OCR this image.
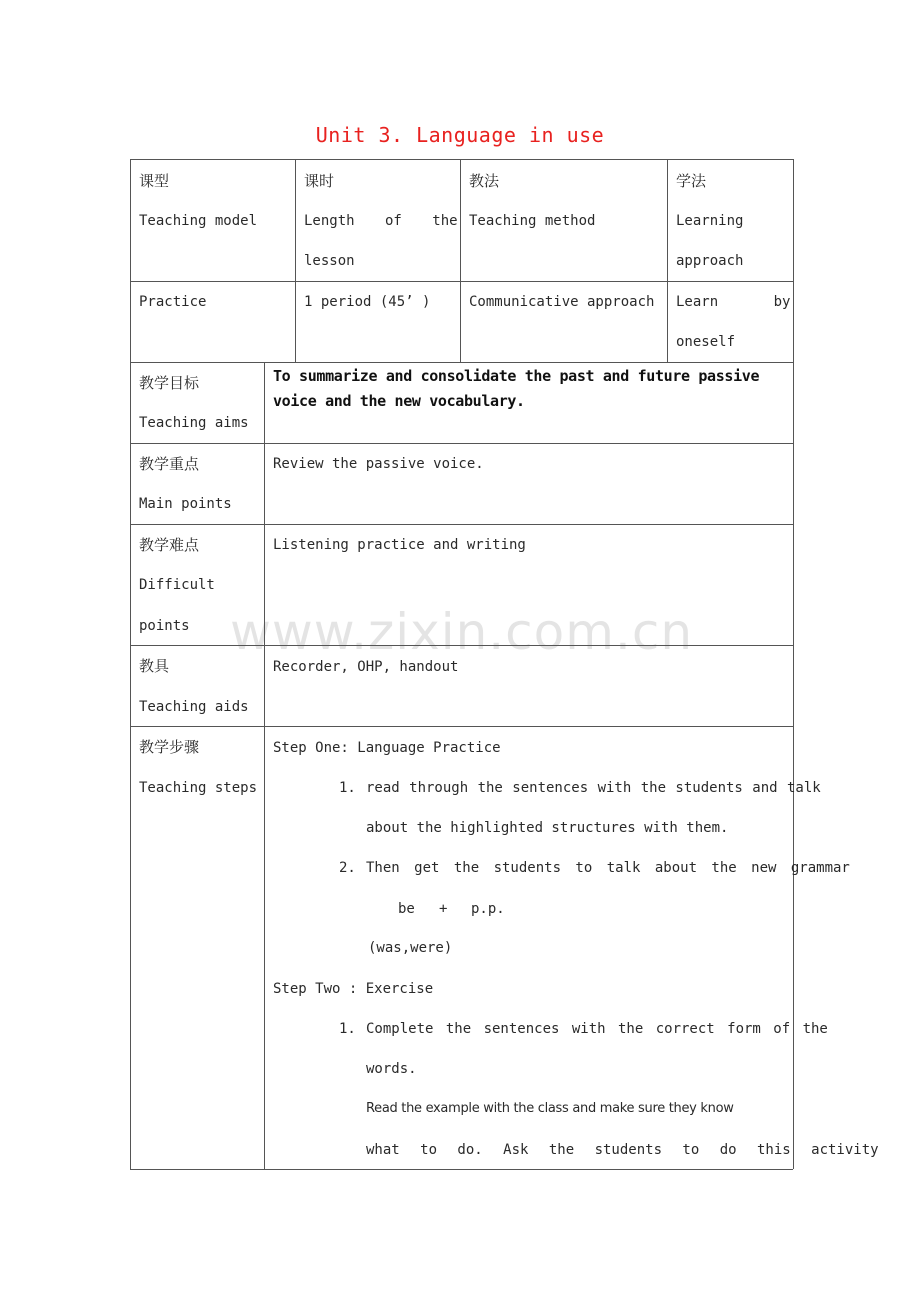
Unit 3. Language in use
www.zixin.com.cn
课型
Teaching model
课时
Length of the
lesson
教法
Teaching method
学法
Learning
approach
Practice	1 period (45’ )	Communicative approach Learn by
oneself
教学目标
Teaching aims
To summarize and consolidate the past and future passive
voice and the new vocabulary.
教学重点
Main points
Review the passive voice.
教学难点
Difficult
points
Listening practice and writing
教具
Teaching aids
Recorder, OHP, handout
教学步骤
Teaching steps
Step One: Language Practice
1. read through the sentences with the students and talk
about the highlighted structures with them.
2. Then get the students to talk about the new grammar
be + p.p.
(was,were)
Step Two : Exercise
1. Complete the sentences with the correct form of the
words.
Read the example with the class and make sure they know
what to do. Ask the students to do this activity
